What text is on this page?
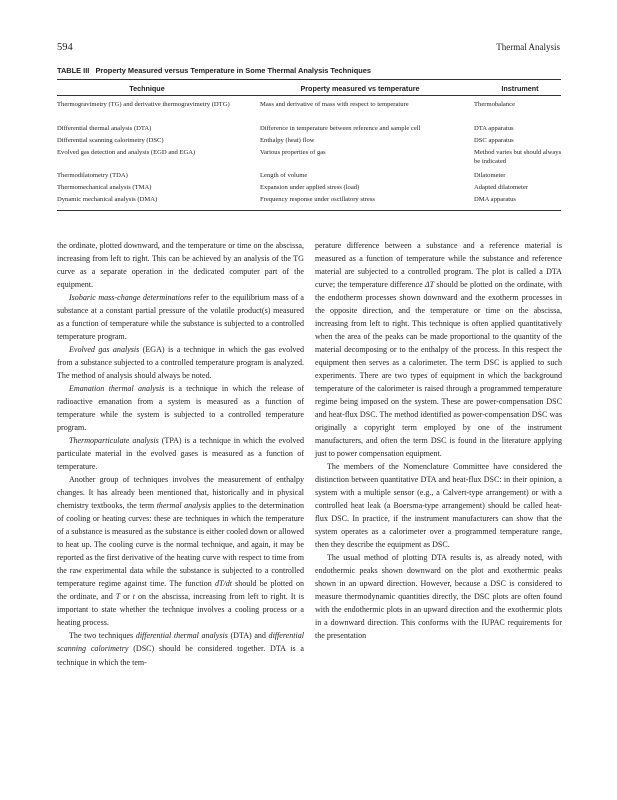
594	Thermal Analysis
TABLE III Property Measured versus Temperature in Some Thermal Analysis Techniques
Technique	Property measured vs temperature	Instrument
Thermogravimetry (TG) and derivative thermogravimetry (DTG)	Mass and derivative of mass with respect to temperature	Thermobalance
Differential thermal analysis (DTA)	Difference in temperature between reference and sample cell	DTA apparatus
Differential scanning calorimetry (DSC)	Enthalpy (heat) flow	DSC apparatus
Evolved gas detection and analysis (EGD and EGA)	Various properties of gas	Method varies but should always be indicated
Thermodilatometry (TDA)	Length of volume	Dilatometer
Thermomechanical analysis (TMA)	Expansion under applied stress (load)	Adapted dilatometer
Dynamic mechanical analysis (DMA)	Frequency response under oscillatory stress	DMA apparatus

the ordinate, plotted downward, and the temperature or time on the abscissa, increasing from left to right. This can be achieved by an analysis of the TG curve as a separate operation in the dedicated computer part of the equipment.

Isobaric mass-change determinations refer to the equilibrium mass of a substance at a constant partial pressure of the volatile product(s) measured as a function of temperature while the substance is subjected to a controlled temperature program.

Evolved gas analysis (EGA) is a technique in which the gas evolved from a substance subjected to a controlled temperature program is analyzed. The method of analysis should always be noted.

Emanation thermal analysis is a technique in which the release of radioactive emanation from a system is measured as a function of temperature while the system is subjected to a controlled temperature program.

Thermoparticulate analysis (TPA) is a technique in which the evolved particulate material in the evolved gases is measured as a function of temperature.

Another group of techniques involves the measurement of enthalpy changes. It has already been mentioned that, historically and in physical chemistry textbooks, the term thermal analysis applies to the determination of cooling or heating curves: these are techniques in which the temperature of a substance is measured as the substance is either cooled down or allowed to heat up. The cooling curve is the normal technique, and again, it may be reported as the first derivative of the heating curve with respect to time from the raw experimental data while the substance is subjected to a controlled temperature regime against time. The function dT/dt should be plotted on the ordinate, and T or t on the abscissa, increasing from left to right. It is important to state whether the technique involves a cooling process or a heating process.

The two techniques differential thermal analysis (DTA) and differential scanning calorimetry (DSC) should be considered together. DTA is a technique in which the tem-

perature difference between a substance and a reference material is measured as a function of temperature while the substance and reference material are subjected to a controlled program. The plot is called a DTA curve; the temperature difference ΔT should be plotted on the ordinate, with the endotherm processes shown downward and the exotherm processes in the opposite direction, and the temperature or time on the abscissa, increasing from left to right. This technique is often applied quantitatively when the area of the peaks can be made proportional to the quantity of the material decomposing or to the enthalpy of the process. In this respect the equipment then serves as a calorimeter. The term DSC is applied to such experiments. There are two types of equipment in which the background temperature of the calorimeter is raised through a programmed temperature regime being imposed on the system. These are power-compensation DSC and heat-flux DSC. The method identified as power-compensation DSC was originally a copyright term employed by one of the instrument manufacturers, and often the term DSC is found in the literature applying just to power compensation equipment.

The members of the Nomenclature Committee have considered the distinction between quantitative DTA and heat-flux DSC: in their opinion, a system with a multiple sensor (e.g., a Calvert-type arrangement) or with a controlled heat leak (a Boersma-type arrangement) should be called heat-flux DSC. In practice, if the instrument manufacturers can show that the system operates as a calorimeter over a programmed temperature range, then they describe the equipment as DSC.

The usual method of plotting DTA results is, as already noted, with endothermic peaks shown downward on the plot and exothermic peaks shown in an upward direction. However, because a DSC is considered to measure thermodynamic quantities directly, the DSC plots are often found with the endothermic plots in an upward direction and the exothermic plots in a downward direction. This conforms with the IUPAC requirements for the presentation
